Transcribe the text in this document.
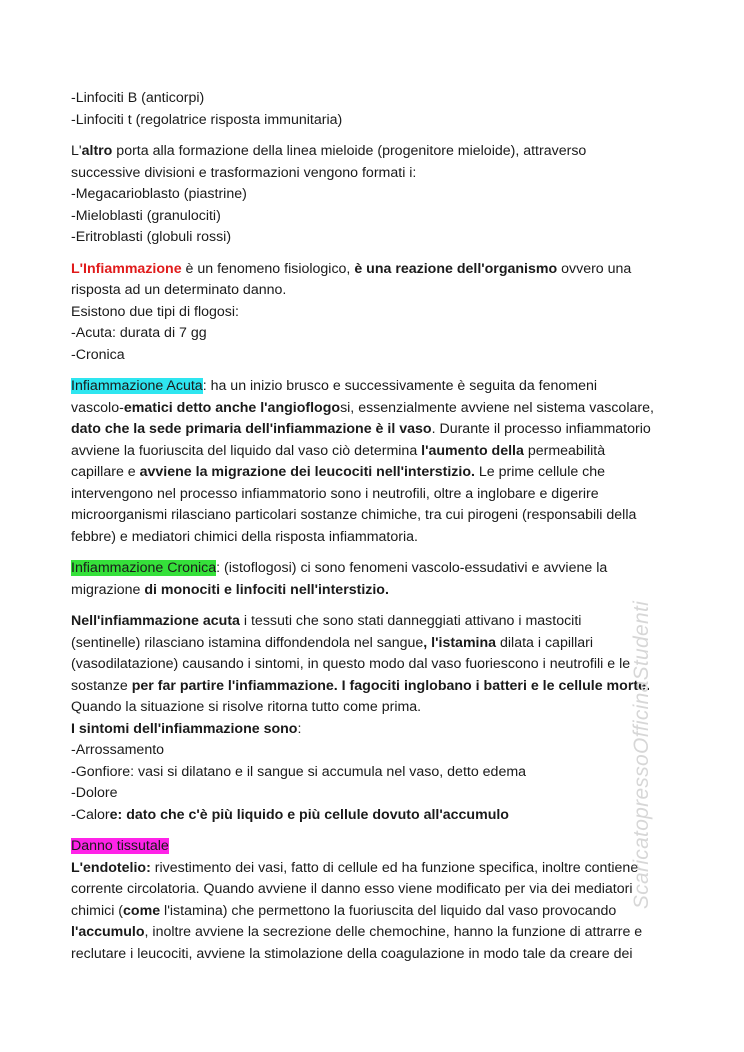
-Linfociti B (anticorpi)
-Linfociti t (regolatrice risposta immunitaria)
L'altro porta alla formazione della linea mieloide (progenitore mieloide), attraverso
successive divisioni e trasformazioni vengono formati i:
-Megacarioblasto (piastrine)
-Mieloblasti (granulociti)
-Eritroblasti (globuli rossi)
L'Infiammazione è un fenomeno fisiologico, è una reazione dell'organismo ovvero una
risposta ad un determinato danno.
Esistono due tipi di flogosi:
-Acuta: durata di 7 gg
-Cronica
Infiammazione Acuta: ha un inizio brusco e successivamente è seguita da fenomeni
vascolo-ematici detto anche l'angioflogosi, essenzialmente avviene nel sistema vascolare,
dato che la sede primaria dell'infiammazione è il vaso. Durante il processo infiammatorio
avviene la fuoriuscita del liquido dal vaso ciò determina l'aumento della permeabilità
capillare e avviene la migrazione dei leucociti nell'interstizio. Le prime cellule che
intervengono nel processo infiammatorio sono i neutrofili, oltre a inglobare e digerire
microorganismi rilasciano particolari sostanze chimiche, tra cui pirogeni (responsabili della
febbre) e mediatori chimici della risposta infiammatoria.
Infiammazione Cronica: (istoflogosi) ci sono fenomeni vascolo-essudativi e avviene la
migrazione di monociti e linfociti nell'interstizio.
Nell'infiammazione acuta i tessuti che sono stati danneggiati attivano i mastociti
(sentinelle) rilasciano istamina diffondendola nel sangue, l'istamina dilata i capillari
(vasodilatazione) causando i sintomi, in questo modo dal vaso fuoriescono i neutrofili e le
sostanze per far partire l'infiammazione. I fagociti inglobano i batteri e le cellule morte.
Quando la situazione si risolve ritorna tutto come prima.
I sintomi dell'infiammazione sono:
-Arrossamento
-Gonfiore: vasi si dilatano e il sangue si accumula nel vaso, detto edema
-Dolore
-Calore: dato che c'è più liquido e più cellule dovuto all'accumulo
Danno tissutale
L'endotelio: rivestimento dei vasi, fatto di cellule ed ha funzione specifica, inoltre contiene
corrente circolatoria. Quando avviene il danno esso viene modificato per via dei mediatori
chimici (come l'istamina) che permettono la fuoriuscita del liquido dal vaso provocando
l'accumulo, inoltre avviene la secrezione delle chemochine, hanno la funzione di attrarre e
reclutare i leucociti, avviene la stimolazione della coagulazione in modo tale da creare dei
ScaricatopressoOfficinaStudenti
